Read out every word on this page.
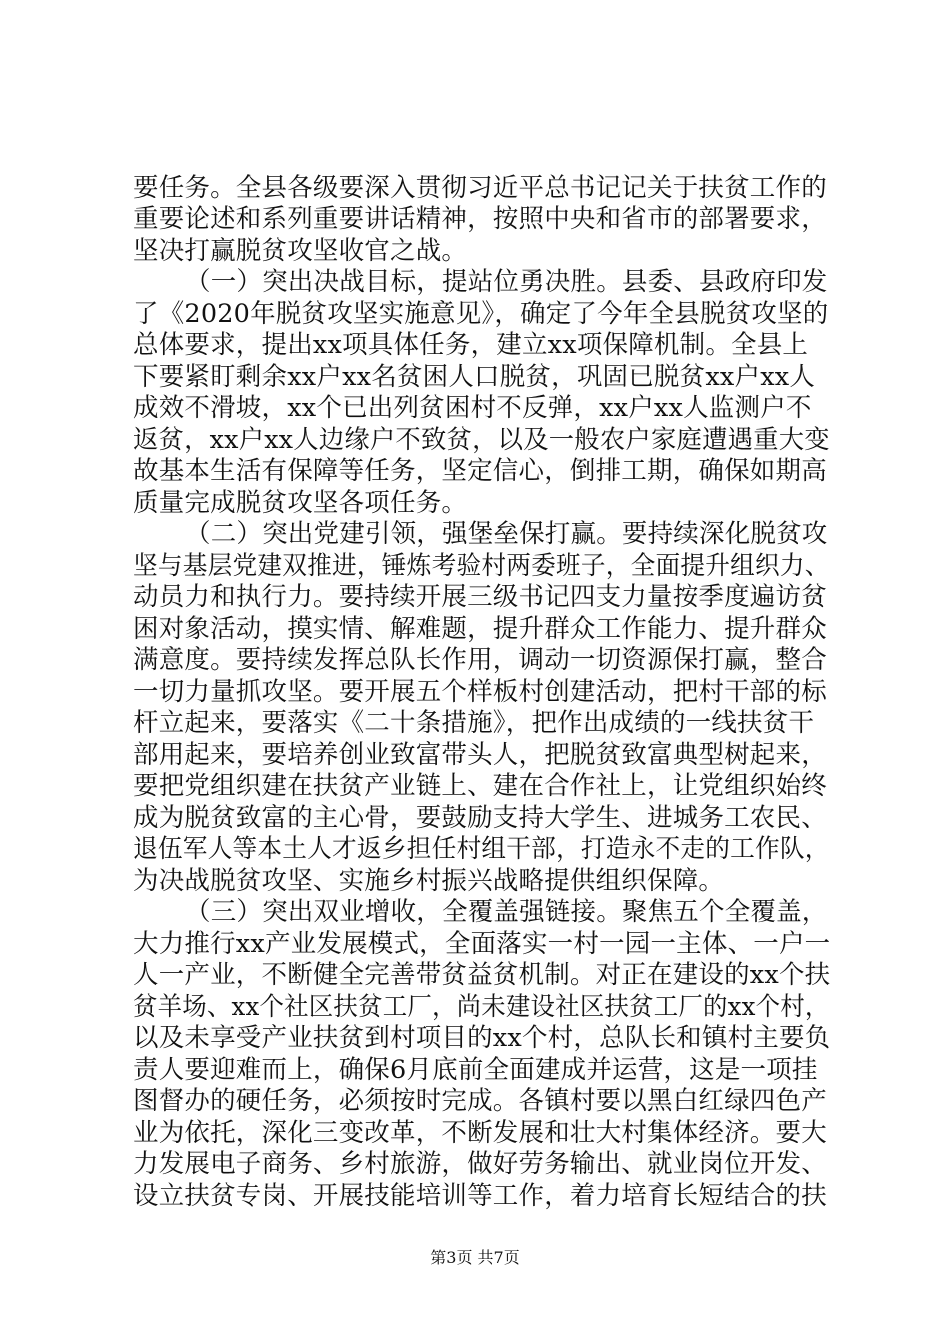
要任务。全县各级要深入贯彻习近平总书记记关于扶贫工作的
重要论述和系列重要讲话精神，按照中央和省市的部署要求，
坚决打赢脱贫攻坚收官之战。
（一）突出决战目标，提站位勇决胜。县委、县政府印发
了《2020年脱贫攻坚实施意见》，确定了今年全县脱贫攻坚的
总体要求，提出xx项具体任务，建立xx项保障机制。全县上
下要紧盯剩余xx户xx名贫困人口脱贫，巩固已脱贫xx户xx人
成效不滑坡，xx个已出列贫困村不反弹，xx户xx人监测户不
返贫，xx户xx人边缘户不致贫，以及一般农户家庭遭遇重大变
故基本生活有保障等任务，坚定信心，倒排工期，确保如期高
质量完成脱贫攻坚各项任务。
（二）突出党建引领，强堡垒保打赢。要持续深化脱贫攻
坚与基层党建双推进，锤炼考验村两委班子，全面提升组织力、
动员力和执行力。要持续开展三级书记四支力量按季度遍访贫
困对象活动，摸实情、解难题，提升群众工作能力、提升群众
满意度。要持续发挥总队长作用，调动一切资源保打赢，整合
一切力量抓攻坚。要开展五个样板村创建活动，把村干部的标
杆立起来，要落实《二十条措施》，把作出成绩的一线扶贫干
部用起来，要培养创业致富带头人，把脱贫致富典型树起来，
要把党组织建在扶贫产业链上、建在合作社上，让党组织始终
成为脱贫致富的主心骨，要鼓励支持大学生、进城务工农民、
退伍军人等本土人才返乡担任村组干部，打造永不走的工作队，
为决战脱贫攻坚、实施乡村振兴战略提供组织保障。
（三）突出双业增收，全覆盖强链接。聚焦五个全覆盖，
大力推行xx产业发展模式，全面落实一村一园一主体、一户一
人一产业，不断健全完善带贫益贫机制。对正在建设的xx个扶
贫羊场、xx个社区扶贫工厂，尚未建设社区扶贫工厂的xx个村，
以及未享受产业扶贫到村项目的xx个村，总队长和镇村主要负
责人要迎难而上，确保6月底前全面建成并运营，这是一项挂
图督办的硬任务，必须按时完成。各镇村要以黑白红绿四色产
业为依托，深化三变改革，不断发展和壮大村集体经济。要大
力发展电子商务、乡村旅游，做好劳务输出、就业岗位开发、
设立扶贫专岗、开展技能培训等工作，着力培育长短结合的扶
第3页 共7页
